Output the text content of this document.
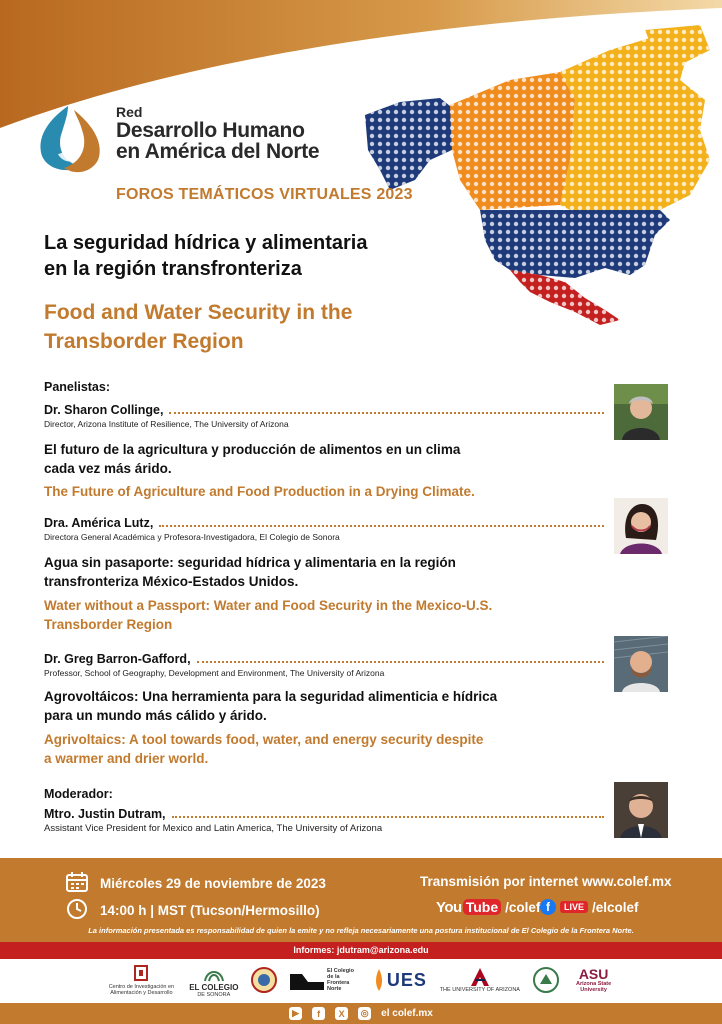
Red
Desarrollo Humano
en América del Norte
FOROS TEMÁTICOS VIRTUALES 2023
La seguridad hídrica y alimentaria
en la región transfronteriza
Food and Water Security in the
Transborder Region
Panelistas:
Dr. Sharon Collinge,
Director, Arizona Institute of Resilience, The University of Arizona
El futuro de la agricultura y producción de alimentos en un clima
cada vez más árido.
The Future of Agriculture and Food Production in a Drying Climate.
Dra. América Lutz,
Directora General Académica y Profesora-Investigadora, El Colegio de Sonora
Agua sin pasaporte: seguridad hídrica y alimentaria en la región
transfronteriza México-Estados Unidos.
Water without a Passport: Water and Food Security in the Mexico-U.S.
Transborder Region
Dr. Greg Barron-Gafford,
Professor, School of Geography, Development and Environment, The University of Arizona
Agrovoltáicos: Una herramienta para la seguridad alimenticia e hídrica
para un mundo más cálido y árido.
Agrivoltaics: A tool towards food, water, and energy security despite
a warmer and drier world.
Moderador:
Mtro. Justin Dutram,
Assistant Vice President for Mexico and Latin America, The University of Arizona
Miércoles 29 de noviembre de 2023
14:00 h | MST (Tucson/Hermosillo)
Transmisión por internet www.colef.mx
You Tube /colef f	LIVE /elcolef
La información presentada es responsabilidad de quien la emite y no refleja necesariamente una postura institucional de El Colegio de la Frontera Norte.
Informes: jdutram@arizona.edu
Centro de Investigación en Alimentación y Desarrollo
EL COLEGIO
DE SONORA
El Colegio de la Frontera Norte	UES
THE UNIVERSITY OF ARIZONA
ASU
Arizona State University
▶	f	X	◎ el colef.mx
